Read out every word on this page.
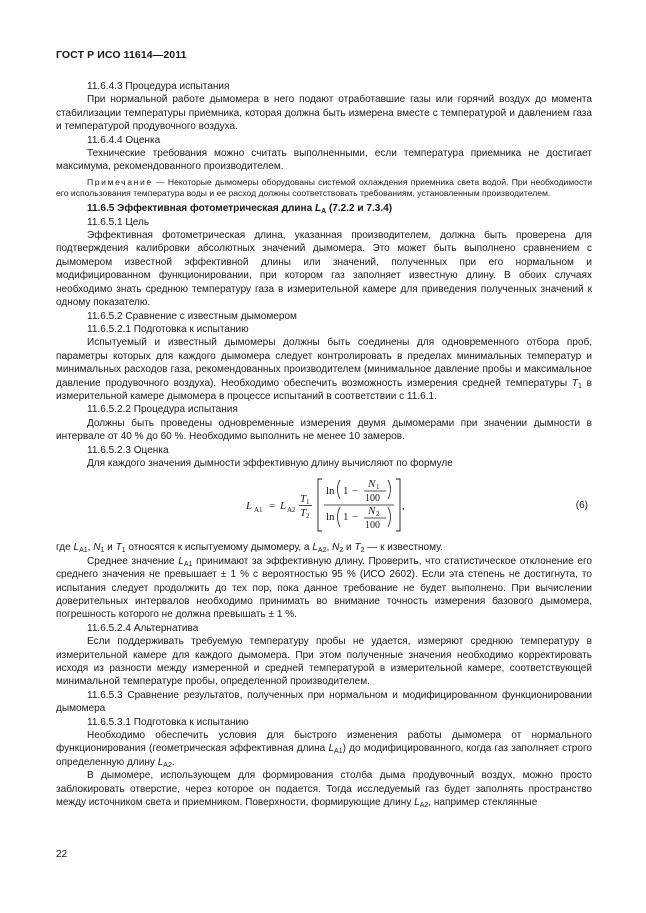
ГОСТ Р ИСО 11614—2011

11.6.4.3 Процедура испытания

При нормальной работе дымомера в него подают отработавшие газы или горячий воздух до момента стабилизации температуры приемника, которая должна быть измерена вместе с температурой и давлением газа и температурой продувочного воздуха.

11.6.4.4 Оценка

Технические требования можно считать выполненными, если температура приемника не достигает максимума, рекомендованного производителем.

Примечание — Некоторые дымомеры оборудованы системой охлаждения приемника света водой. При необходимости его использования температура воды и ее расход должны соответствовать требованиям, установленным производителем.

11.6.5 Эффективная фотометрическая длина $L_A$ (7.2.2 и 7.3.4)

11.6.5.1 Цель

Эффективная фотометрическая длина, указанная производителем, должна быть проверена для подтверждения калибровки абсолютных значений дымомера. Это может быть выполнено сравнением с дымомером известной эффективной длины или значений, полученных при его нормальном и модифицированном функционировании, при котором газ заполняет известную длину. В обоих случаях необходимо знать среднюю температуру газа в измерительной камере для приведения полученных значений к одному показателю.

11.6.5.2 Сравнение с известным дымомером

11.6.5.2.1 Подготовка к испытанию

Испытуемый и известный дымомеры должны быть соединены для одновременного отбора проб, параметры которых для каждого дымомера следует контролировать в пределах минимальных температур и минимальных расходов газа, рекомендованных производителем (минимальное давление пробы и максимальное давление продувочного воздуха). Необходимо обеспечить возможность измерения средней температуры $T_1$ в измерительной камере дымомера в процессе испытаний в соответствии с 11.6.1.

11.6.5.2.2 Процедура испытания

Должны быть проведены одновременные измерения двумя дымомерами при значении дымности в интервале от 40 % до 60 %. Необходимо выполнить не менее 10 замеров.

11.6.5.2.3 Оценка

Для каждого значения дымности эффективную длину вычисляют по формуле

L A1 = L A2
T 1
T 2
ln 1 −
N 1
100
ln 1 − N 2
100
,	(6)

где $L_{A1}$, $N_1$ и $T_1$ относятся к испытуемому дымомеру, а $L_{A2}$, $N_2$ и $T_2$ — к известному.

Среднее значение $L_{A1}$ принимают за эффективную длину. Проверить, что статистическое отклонение его среднего значения не превышает ± 1 % с вероятностью 95 % (ИСО 2602). Если эта степень не достигнута, то испытания следует продолжить до тех пор, пока данное требование не будет выполнено. При вычислении доверительных интервалов необходимо принимать во внимание точность измерения базового дымомера, погрешность которого не должна превышать ± 1 %.

11.6.5.2.4 Альтернатива

Если поддерживать требуемую температуру пробы не удается, измеряют среднюю температуру в измерительной камере для каждого дымомера. При этом полученные значения необходимо корректировать исходя из разности между измеренной и средней температурой в измерительной камере, соответствующей минимальной температуре пробы, определенной производителем.

11.6.5.3 Сравнение результатов, полученных при нормальном и модифицированном функционировании дымомера

11.6.5.3.1 Подготовка к испытанию

Необходимо обеспечить условия для быстрого изменения работы дымомера от нормального функционирования (геометрическая эффективная длина $L_{A1}$) до модифицированного, когда газ заполняет строго определенную длину $L_{A2}$.

В дымомере, использующем для формирования столба дыма продувочный воздух, можно просто заблокировать отверстие, через которое он подается. Тогда исследуемый газ будет заполнять пространство между источником света и приемником. Поверхности, формирующие длину $L_{A2}$, например стеклянные

22
